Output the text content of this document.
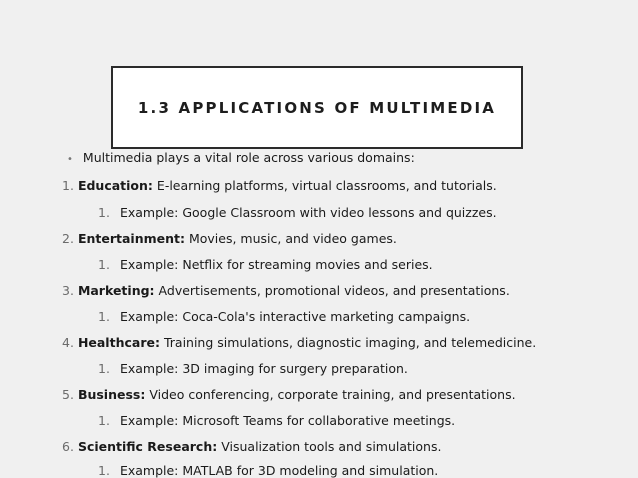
1.3 APPLICATIONS OF MULTIMEDIA
• Multimedia plays a vital role across various domains:
1. Education: E-learning platforms, virtual classrooms, and tutorials.
1. Example: Google Classroom with video lessons and quizzes.
2. Entertainment: Movies, music, and video games.
1. Example: Netflix for streaming movies and series.
3. Marketing: Advertisements, promotional videos, and presentations.
1. Example: Coca-Cola's interactive marketing campaigns.
4. Healthcare: Training simulations, diagnostic imaging, and telemedicine.
1. Example: 3D imaging for surgery preparation.
5. Business: Video conferencing, corporate training, and presentations.
1. Example: Microsoft Teams for collaborative meetings.
6. Scientific Research: Visualization tools and simulations.
1. Example: MATLAB for 3D modeling and simulation.
